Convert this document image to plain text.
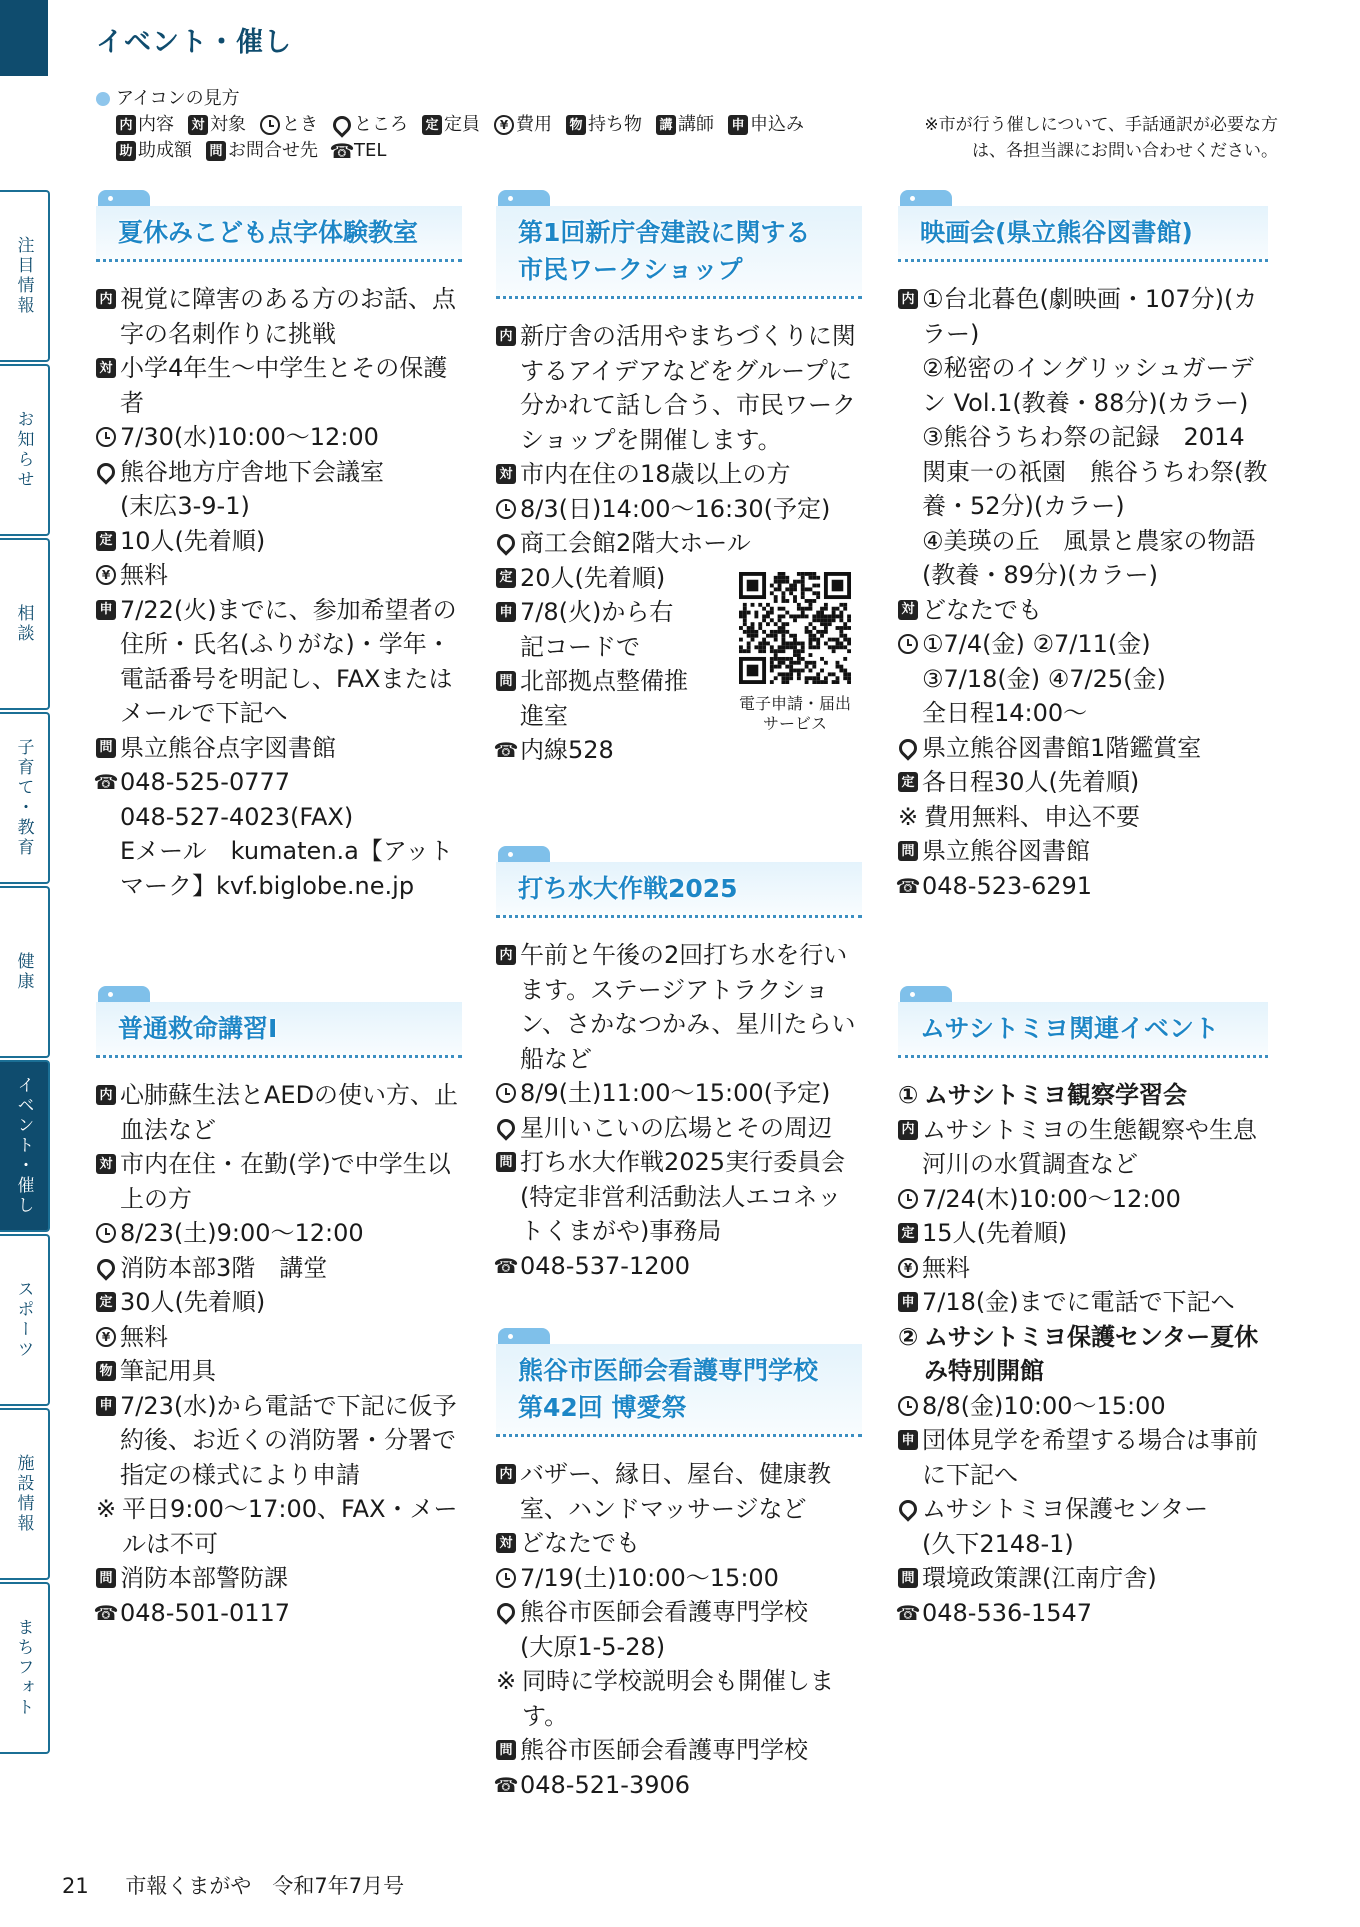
イベント・催し
アイコンの見方
内 内容 対 対象 とき ところ 定 定員	¥ 費用 物 持ち物 講 講師 申 申込み
助 助成額 問 お問合せ先 ☎ TEL
※市が行う催しについて、手話通訳が必要な方は、各担当課にお問い合わせください。
注目情報
お知らせ
相談
子育て・教育
健康
イベント・催し
スポーツ
施設情報
まちフォト
夏休みこども点字体験教室
内 視覚に障害のある方のお話、点字の名刺作りに挑戦
対 小学4年生～中学生とその保護者
7/30(水)10:00～12:00
熊谷地方庁舎地下会議室
(末広3-9-1)
定 10人(先着順)
¥ 無料
申 7/22(火)までに、参加希望者の住所・氏名(ふりがな)・学年・電話番号を明記し、FAXまたはメールで下記へ
問 県立熊谷点字図書館
☎ 048-525-0777
048-527-4023(FAX)
Eメール　kumaten.a【アットマーク】kvf.biglobe.ne.jp
普通救命講習Ⅰ
内 心肺蘇生法とAEDの使い方、止血法など
対 市内在住・在勤(学)で中学生以上の方
8/23(土)9:00～12:00
消防本部3階　講堂
定 30人(先着順)
¥ 無料
物 筆記用具
申 7/23(水)から電話で下記に仮予約後、お近くの消防署・分署で指定の様式により申請
※ 平日9:00～17:00、FAX・メールは不可
問 消防本部警防課
☎ 048-501-0117
第1回新庁舎建設に関する
市民ワークショップ
内 新庁舎の活用やまちづくりに関するアイデアなどをグループに分かれて話し合う、市民ワークショップを開催します。
対 市内在住の18歳以上の方
8/3(日)14:00～16:30(予定)
商工会館2階大ホール
定 20人(先着順)
申 7/8(火)から右
記コードで
問 北部拠点整備推
進室
☎ 内線528
打ち水大作戦2025
内 午前と午後の2回打ち水を行います。ステージアトラクション、さかなつかみ、星川たらい船など
8/9(土)11:00～15:00(予定)
星川いこいの広場とその周辺
問 打ち水大作戦2025実行委員会(特定非営利活動法人エコネットくまがや)事務局
☎ 048-537-1200
熊谷市医師会看護専門学校
第42回 博愛祭
内 バザー、縁日、屋台、健康教室、ハンドマッサージなど
対 どなたでも
7/19(土)10:00～15:00
熊谷市医師会看護専門学校
(大原1-5-28)
※ 同時に学校説明会も開催します。
問 熊谷市医師会看護専門学校
☎ 048-521-3906
映画会(県立熊谷図書館)
内 ①台北暮色(劇映画・107分)(カラー)
②秘密のイングリッシュガーデン Vol.1(教養・88分)(カラー)
③熊谷うちわ祭の記録　2014 関東一の祇園　熊谷うちわ祭(教養・52分)(カラー)
④美瑛の丘　風景と農家の物語(教養・89分)(カラー)
対 どなたでも
①7/4(金) ②7/11(金) ③7/18(金) ④7/25(金)
全日程14:00～
県立熊谷図書館1階鑑賞室
定 各日程30人(先着順)
※ 費用無料、申込不要
問 県立熊谷図書館
☎ 048-523-6291
ムサシトミヨ関連イベント
① ムサシトミヨ観察学習会
内 ムサシトミヨの生態観察や生息河川の水質調査など
7/24(木)10:00～12:00
定 15人(先着順)
¥ 無料
申 7/18(金)までに電話で下記へ
② ムサシトミヨ保護センター夏休み特別開館
8/8(金)10:00～15:00
申 団体見学を希望する場合は事前に下記へ
ムサシトミヨ保護センター
(久下2148-1)
問 環境政策課(江南庁舎)
☎ 048-536-1547
電子申請・届出
サービス
21 市報くまがや　令和7年7月号
